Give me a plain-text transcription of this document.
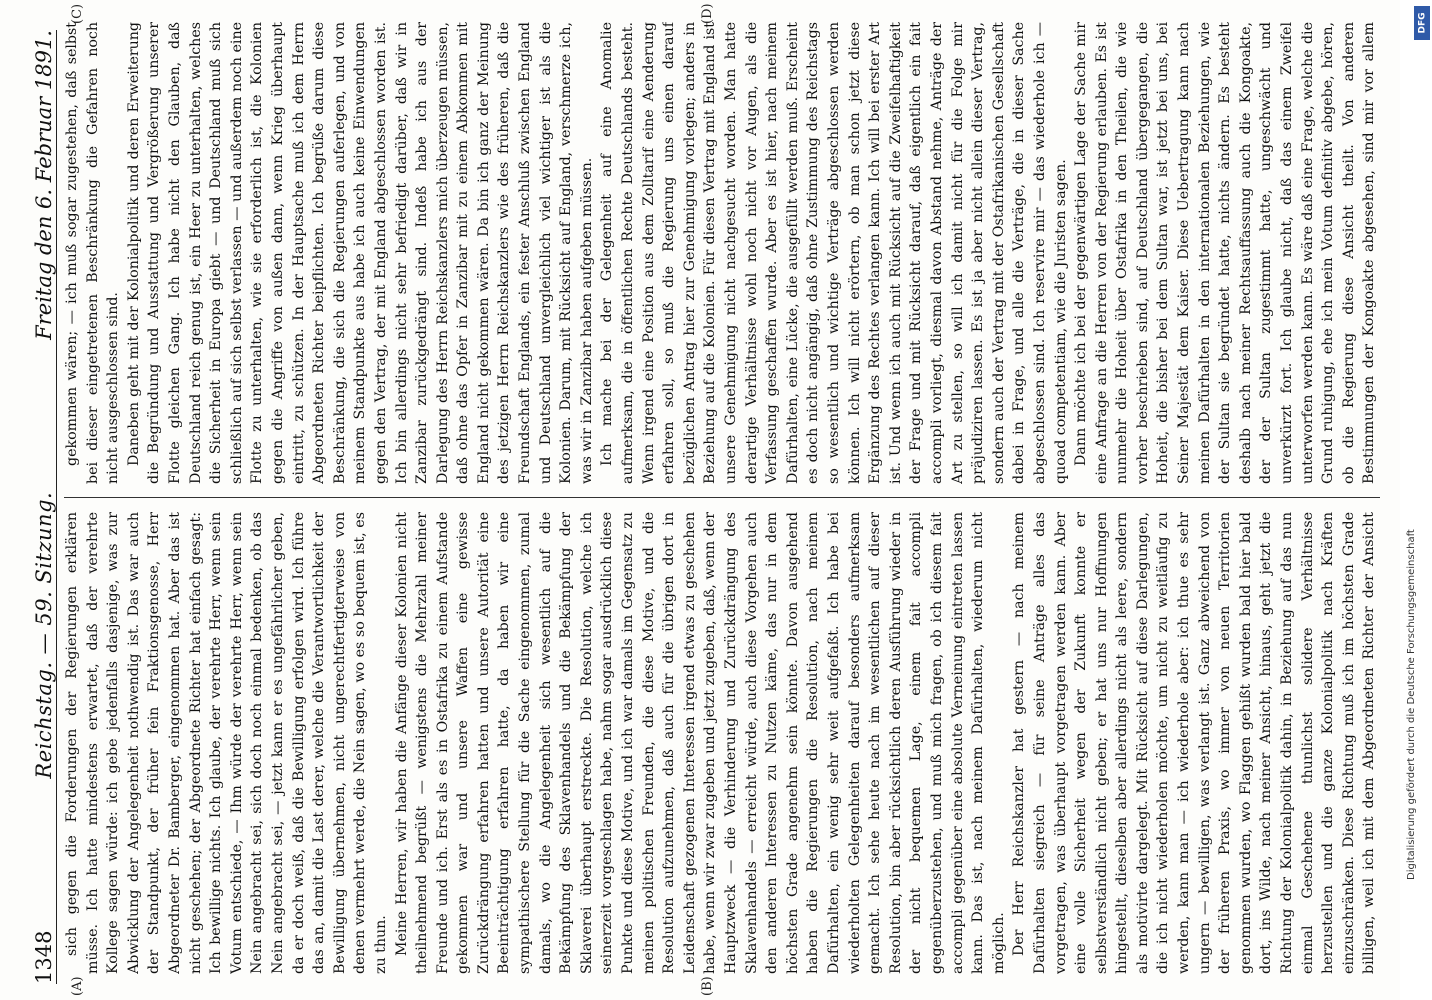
1348
Reichstag. — 59. Sitzung.
Freitag den 6. Februar 1891.
(A)	(B)
(C)	(D)

sich gegen die Forderungen der Regierungen erklären müsse. Ich hatte mindestens erwartet, daß der verehrte Kollege sagen würde: ich gebe jedenfalls dasjenige, was zur Abwicklung der Angelegenheit nothwendig ist. Das war auch der Standpunkt, der früher fein Fraktionsgenosse, Herr Abgeordneter Dr. Bamberger, eingenommen hat. Aber das ist nicht geschehen; der Abgeordnete Richter hat einfach gesagt: Ich bewillige nichts. Ich glaube, der verehrte Herr, wenn sein Votum entschiede, — Ihm würde der verehrte Herr, wenn sein Nein angebracht sei, sich doch noch einmal bedenken, ob das Nein angebracht sei, — jetzt kann er es ungefährlicher geben, da er doch weiß, daß die Bewilligung erfolgen wird. Ich führe das an, damit die Last derer, welche die Verantwortlichkeit der Bewilligung übernehmen, nicht ungerechtfertigterweise von denen vermehrt werde, die Nein sagen, wo es so bequem ist, es zu thun. Meine Herren, wir haben die Anfänge dieser Kolonien nicht theilnehmend begrüßt — wenigstens die Mehrzahl meiner Freunde und ich. Erst als es in Ostafrika zu einem Aufstande gekommen war und unsere Waffen eine gewisse Zurückdrängung erfahren hatten und unsere Autorität eine Beeinträchtigung erfahren hatte, da haben wir eine sympathischere Stellung für die Sache eingenommen, zumal damals, wo die Angelegenheit sich wesentlich auf die Bekämpfung des Sklavenhandels und die Bekämpfung der Sklaverei überhaupt erstreckte. Die Resolution, welche ich seinerzeit vorgeschlagen habe, nahm sogar ausdrücklich diese Punkte und diese Motive, und ich war damals im Gegensatz zu meinen politischen Freunden, die diese Motive, und die Resolution aufzunehmen, daß auch für die übrigen dort in Leidenschaft gezogenen Interessen irgend etwas zu geschehen habe, wenn wir zwar zugeben und jetzt zugeben, daß, wenn der Hauptzweck — die Verhinderung und Zurückdrängung des Sklavenhandels — erreicht würde, auch diese Vorgehen auch den anderen Interessen zu Nutzen käme, das nur in dem höchsten Grade angenehm sein könnte. Davon ausgehend haben die Regierungen die Resolution, nach meinem Dafürhalten, ein wenig sehr weit aufgefaßt. Ich habe bei wiederholten Gelegenheiten darauf besonders aufmerksam gemacht. Ich sehe heute nach im wesentlichen auf dieser Resolution, bin aber rücksichtlich deren Ausführung wieder in der nicht bequemen Lage, einem fait accompli gegenüberzustehen, und muß mich fragen, ob ich diesem fait accompli gegenüber eine absolute Verneinung eintreten lassen kann. Das ist, nach meinem Dafürhalten, wiederum nicht möglich. Der Herr Reichskanzler hat gestern — nach meinem Dafürhalten siegreich — für seine Anträge alles das vorgetragen, was überhaupt vorgetragen werden kann. Aber eine volle Sicherheit wegen der Zukunft konnte er selbstverständlich nicht geben; er hat uns nur Hoffnungen hingestellt, dieselben aber allerdings nicht als leere, sondern als motivirte dargelegt. Mit Rücksicht auf diese Darlegungen, die ich nicht wiederholen möchte, um nicht zu weitläufig zu werden, kann man — ich wiederhole aber: ich thue es sehr ungern — bewilligen, was verlangt ist. Ganz abweichend von der früheren Praxis, wo immer von neuen Territorien genommen wurden, wo Flaggen gehißt wurden bald hier bald dort, ins Wilde, nach meiner Ansicht, hinaus, geht jetzt die Richtung der Kolonialpolitik dahin, in Beziehung auf das nun einmal Geschehene thunlichst solidere Verhältnisse herzustellen und die ganze Kolonialpolitik nach Kräften einzuschränken. Diese Richtung muß ich im höchsten Grade billigen, weil ich mit dem Abgeordneten Richter der Ansicht

gekommen wären; — ich muß sogar zugestehen, daß selbst bei dieser eingetretenen Beschränkung die Gefahren noch nicht ausgeschlossen sind. Daneben geht mit der Kolonialpolitik und deren Erweiterung die Begründung und Ausstattung und Vergrößerung unserer Flotte gleichen Gang. Ich habe nicht den Glauben, daß Deutschland reich genug ist, ein Heer zu unterhalten, welches die Sicherheit in Europa giebt — und Deutschland muß sich schließlich auf sich selbst verlassen — und außerdem noch eine Flotte zu unterhalten, wie sie erforderlich ist, die Kolonien gegen die Angriffe von außen dann, wenn Krieg überhaupt eintritt, zu schützen. In der Hauptsache muß ich dem Herrn Abgeordneten Richter beipflichten. Ich begrüße darum diese Beschränkung, die sich die Regierungen auferlegen, und von meinem Standpunkte aus habe ich auch keine Einwendungen gegen den Vertrag, der mit England abgeschlossen worden ist. Ich bin allerdings nicht sehr befriedigt darüber, daß wir in Zanzibar zurückgedrängt sind. Indeß habe ich aus der Darlegung des Herrn Reichskanzlers mich überzeugen müssen, daß ohne das Opfer in Zanzibar mit zu einem Abkommen mit England nicht gekommen wären. Da bin ich ganz der Meinung des jetzigen Herrn Reichskanzlers wie des früheren, daß die Freundschaft Englands, ein fester Anschluß zwischen England und Deutschland unvergleichlich viel wichtiger ist als die Kolonien. Darum, mit Rücksicht auf England, verschmerze ich, was wir in Zanzibar haben aufgeben müssen. Ich mache bei der Gelegenheit auf eine Anomalie aufmerksam, die in öffentlichen Rechte Deutschlands besteht. Wenn irgend eine Position aus dem Zolltarif eine Aenderung erfahren soll, so muß die Regierung uns einen darauf bezüglichen Antrag hier zur Genehmigung vorlegen; anders in Beziehung auf die Kolonien. Für diesen Vertrag mit England ist unsere Genehmigung nicht nachgesucht worden. Man hatte derartige Verhältnisse wohl noch nicht vor Augen, als die Verfassung geschaffen wurde. Aber es ist hier, nach meinem Dafürhalten, eine Lücke, die ausgefüllt werden muß. Erscheint es doch nicht angängig, daß ohne Zustimmung des Reichstags so wesentlich und wichtige Verträge abgeschlossen werden können. Ich will nicht erörtern, ob man schon jetzt diese Ergänzung des Rechtes verlangen kann. Ich will bei erster Art ist. Und wenn ich auch mit Rücksicht auf die Zweifelhaftigkeit der Frage und mit Rücksicht darauf, daß eigentlich ein fait accompli vorliegt, diesmal davon Abstand nehme, Anträge der Art zu stellen, so will ich damit nicht für die Folge mir präjudiziren lassen. Es ist ja aber nicht allein dieser Vertrag, sondern auch der Vertrag mit der Ostafrikanischen Gesellschaft dabei in Frage, und alle die Verträge, die in dieser Sache abgeschlossen sind. Ich reservire mir — das wiederhole ich — quoad competentiam, wie die Juristen sagen. Dann möchte ich bei der gegenwärtigen Lage der Sache mir eine Anfrage an die Herren von der Regierung erlauben. Es ist nunmehr die Hoheit über Ostafrika in den Theilen, die wie vorher beschrieben sind, auf Deutschland übergegangen, die Hoheit, die bisher bei dem Sultan war, ist jetzt bei uns, bei Seiner Majestät dem Kaiser. Diese Uebertragung kann nach meinen Dafürhalten in den internationalen Beziehungen, wie der Sultan sie begründet hatte, nichts ändern. Es besteht deshalb nach meiner Rechtsauffassung auch die Kongoakte, der der Sultan zugestimmt hatte, ungeschwächt und unverkürzt fort. Ich glaube nicht, daß das einem Zweifel unterworfen werden kann. Es wäre daß eine Frage, welche die Grund ruhigung, ehe ich mein Votum definitiv abgebe, hören, ob die Regierung diese Ansicht theilt. Von anderen Bestimmungen der Kongoakte abgesehen, sind mir vor allem	DFG
Digitalisierung gefördert durch die Deutsche Forschungsgemeinschaft
